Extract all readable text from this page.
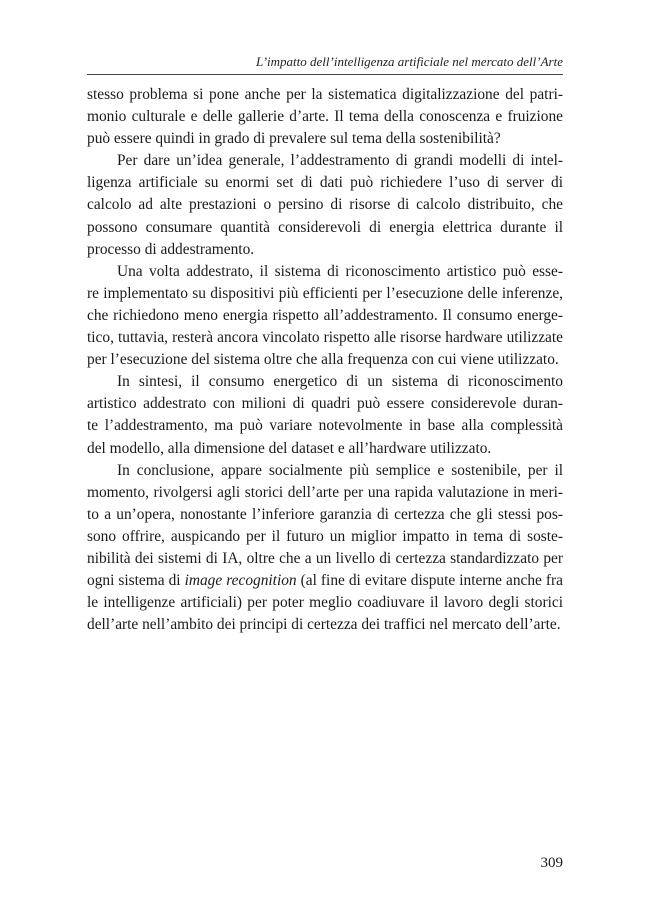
L’impatto dell’intelligenza artificiale nel mercato dell’Arte

stesso problema si pone anche per la sistematica digitalizzazione del patri-
monio culturale e delle gallerie d’arte. Il tema della conoscenza e fruizione
può essere quindi in grado di prevalere sul tema della sostenibilità?

Per dare un’idea generale, l’addestramento di grandi modelli di intel-
ligenza artificiale su enormi set di dati può richiedere l’uso di server di
calcolo ad alte prestazioni o persino di risorse di calcolo distribuito, che
possono consumare quantità considerevoli di energia elettrica durante il
processo di addestramento.

Una volta addestrato, il sistema di riconoscimento artistico può esse-
re implementato su dispositivi più efficienti per l’esecuzione delle inferenze,
che richiedono meno energia rispetto all’addestramento. Il consumo energe-
tico, tuttavia, resterà ancora vincolato rispetto alle risorse hardware utilizzate
per l’esecuzione del sistema oltre che alla frequenza con cui viene utilizzato.

In sintesi, il consumo energetico di un sistema di riconoscimento
artistico addestrato con milioni di quadri può essere considerevole duran-
te l’addestramento, ma può variare notevolmente in base alla complessità
del modello, alla dimensione del dataset e all’hardware utilizzato.

In conclusione, appare socialmente più semplice e sostenibile, per il
momento, rivolgersi agli storici dell’arte per una rapida valutazione in meri-
to a un’opera, nonostante l’inferiore garanzia di certezza che gli stessi pos-
sono offrire, auspicando per il futuro un miglior impatto in tema di soste-
nibilità dei sistemi di IA, oltre che a un livello di certezza standardizzato per
ogni sistema di image recognition (al fine di evitare dispute interne anche fra
le intelligenze artificiali) per poter meglio coadiuvare il lavoro degli storici
dell’arte nell’ambito dei principi di certezza dei traffici nel mercato dell’arte.

309
